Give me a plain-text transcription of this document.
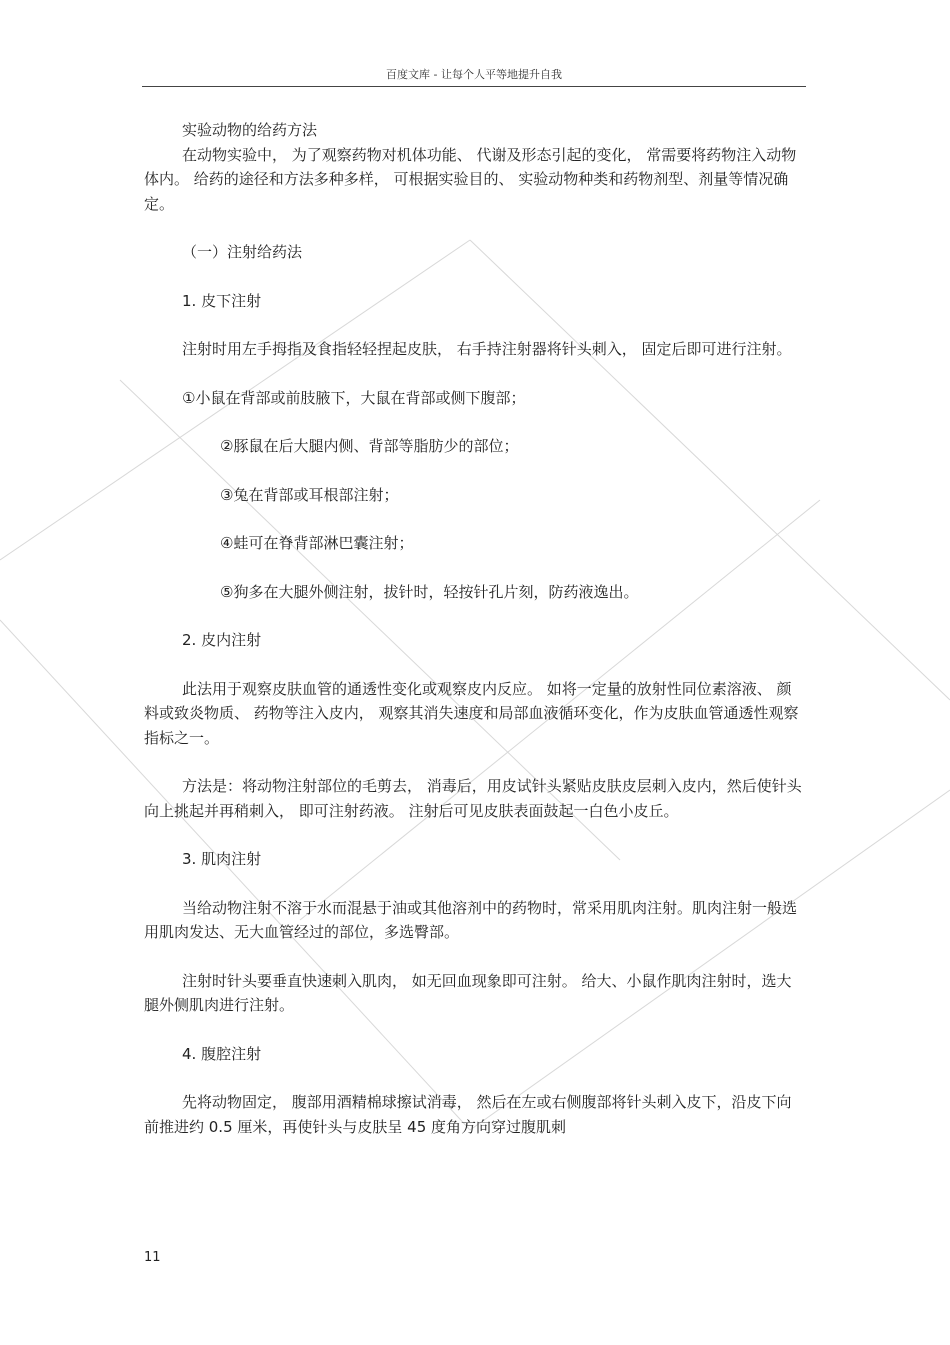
百度文库 - 让每个人平等地提升自我

实验动物的给药方法

在动物实验中， 为了观察药物对机体功能、 代谢及形态引起的变化， 常需要将药物注入动物体内。 给药的途径和方法多种多样， 可根据实验目的、 实验动物种类和药物剂型、剂量等情况确定。

（一）注射给药法

1. 皮下注射

注射时用左手拇指及食指轻轻捏起皮肤， 右手持注射器将针头刺入， 固定后即可进行注射。

①小鼠在背部或前肢腋下，大鼠在背部或侧下腹部；

②豚鼠在后大腿内侧、背部等脂肪少的部位；

③兔在背部或耳根部注射；

④蛙可在脊背部淋巴囊注射；

⑤狗多在大腿外侧注射，拔针时，轻按针孔片刻，防药液逸出。

2. 皮内注射

此法用于观察皮肤血管的通透性变化或观察皮内反应。 如将一定量的放射性同位素溶液、 颜料或致炎物质、 药物等注入皮内， 观察其消失速度和局部血液循环变化，作为皮肤血管通透性观察指标之一。

方法是：将动物注射部位的毛剪去， 消毒后，用皮试针头紧贴皮肤皮层刺入皮内，然后使针头向上挑起并再稍刺入， 即可注射药液。 注射后可见皮肤表面鼓起一白色小皮丘。

3. 肌肉注射

当给动物注射不溶于水而混悬于油或其他溶剂中的药物时，常采用肌肉注射。肌肉注射一般选用肌肉发达、无大血管经过的部位，多选臀部。

注射时针头要垂直快速刺入肌肉， 如无回血现象即可注射。 给大、小鼠作肌肉注射时，选大腿外侧肌肉进行注射。

4. 腹腔注射

先将动物固定， 腹部用酒精棉球擦试消毒， 然后在左或右侧腹部将针头刺入皮下，沿皮下向前推进约 0.5 厘米，再使针头与皮肤呈 45 度角方向穿过腹肌刺

11
